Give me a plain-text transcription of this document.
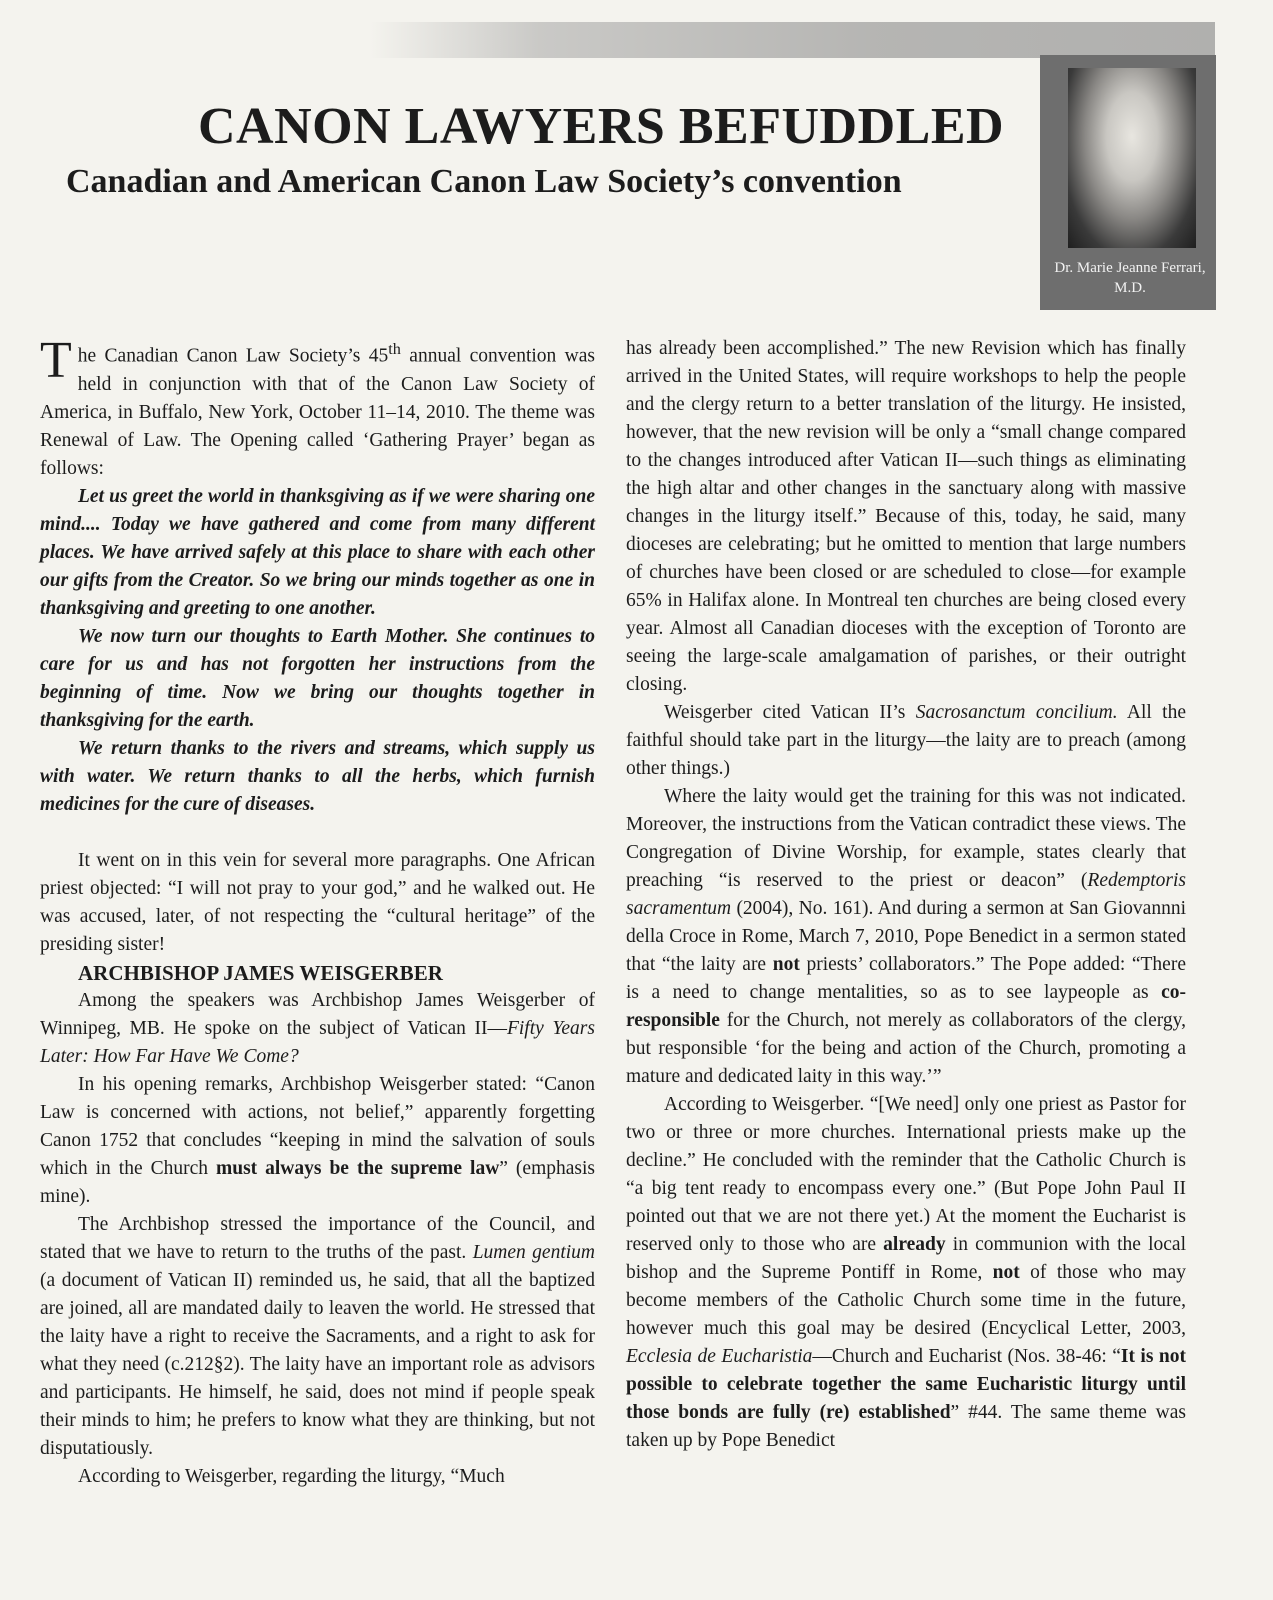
Dr. Marie Jeanne Ferrari, M.D.
CANON LAWYERS BEFUDDLED
Canadian and American Canon Law Society’s convention

The Canadian Canon Law Society’s 45th annual convention was held in conjunction with that of the Canon Law Society of America, in Buffalo, New York, October 11–14, 2010. The theme was Renewal of Law. The Opening called ‘Gathering Prayer’ began as follows:

Let us greet the world in thanksgiving as if we were sharing one mind.... Today we have gathered and come from many different places. We have arrived safely at this place to share with each other our gifts from the Creator. So we bring our minds together as one in thanksgiving and greeting to one another.

We now turn our thoughts to Earth Mother. She continues to care for us and has not forgotten her instructions from the beginning of time. Now we bring our thoughts together in thanksgiving for the earth.

We return thanks to the rivers and streams, which supply us with water. We return thanks to all the herbs, which furnish medicines for the cure of diseases.

It went on in this vein for several more paragraphs. One African priest objected: “I will not pray to your god,” and he walked out. He was accused, later, of not respecting the “cultural heritage” of the presiding sister!

ARCHBISHOP JAMES WEISGERBER

Among the speakers was Archbishop James Weisgerber of Winnipeg, MB. He spoke on the subject of Vatican II—Fifty Years Later: How Far Have We Come?

In his opening remarks, Archbishop Weisgerber stated: “Canon Law is concerned with actions, not belief,” apparently forgetting Canon 1752 that concludes “keeping in mind the salvation of souls which in the Church must always be the supreme law” (emphasis mine).

The Archbishop stressed the importance of the Council, and stated that we have to return to the truths of the past. Lumen gentium (a document of Vatican II) reminded us, he said, that all the baptized are joined, all are mandated daily to leaven the world. He stressed that the laity have a right to receive the Sacraments, and a right to ask for what they need (c.212§2). The laity have an important role as advisors and participants. He himself, he said, does not mind if people speak their minds to him; he prefers to know what they are thinking, but not disputatiously.

According to Weisgerber, regarding the liturgy, “Much

has already been accomplished.” The new Revision which has finally arrived in the United States, will require workshops to help the people and the clergy return to a better translation of the liturgy. He insisted, however, that the new revision will be only a “small change compared to the changes introduced after Vatican II—such things as eliminating the high altar and other changes in the sanctuary along with massive changes in the liturgy itself.” Because of this, today, he said, many dioceses are celebrating; but he omitted to mention that large numbers of churches have been closed or are scheduled to close—for example 65% in Halifax alone. In Montreal ten churches are being closed every year. Almost all Canadian dioceses with the exception of Toronto are seeing the large-scale amalgamation of parishes, or their outright closing.

Weisgerber cited Vatican II’s Sacrosanctum concilium. All the faithful should take part in the liturgy—the laity are to preach (among other things.)

Where the laity would get the training for this was not indicated. Moreover, the instructions from the Vatican contradict these views. The Congregation of Divine Worship, for example, states clearly that preaching “is reserved to the priest or deacon” (Redemptoris sacramentum (2004), No. 161). And during a sermon at San Giovannni della Croce in Rome, March 7, 2010, Pope Benedict in a sermon stated that “the laity are not priests’ collaborators.” The Pope added: “There is a need to change mentalities, so as to see laypeople as co-responsible for the Church, not merely as collaborators of the clergy, but responsible ‘for the being and action of the Church, promoting a mature and dedicated laity in this way.’”

According to Weisgerber. “[We need] only one priest as Pastor for two or three or more churches. International priests make up the decline.” He concluded with the reminder that the Catholic Church is “a big tent ready to encompass every one.” (But Pope John Paul II pointed out that we are not there yet.) At the moment the Eucharist is reserved only to those who are already in communion with the local bishop and the Supreme Pontiff in Rome, not of those who may become members of the Catholic Church some time in the future, however much this goal may be desired (Encyclical Letter, 2003, Ecclesia de Eucharistia—Church and Eucharist (Nos. 38-46: “It is not possible to celebrate together the same Eucharistic liturgy until those bonds are fully (re) established” #44. The same theme was taken up by Pope Benedict
